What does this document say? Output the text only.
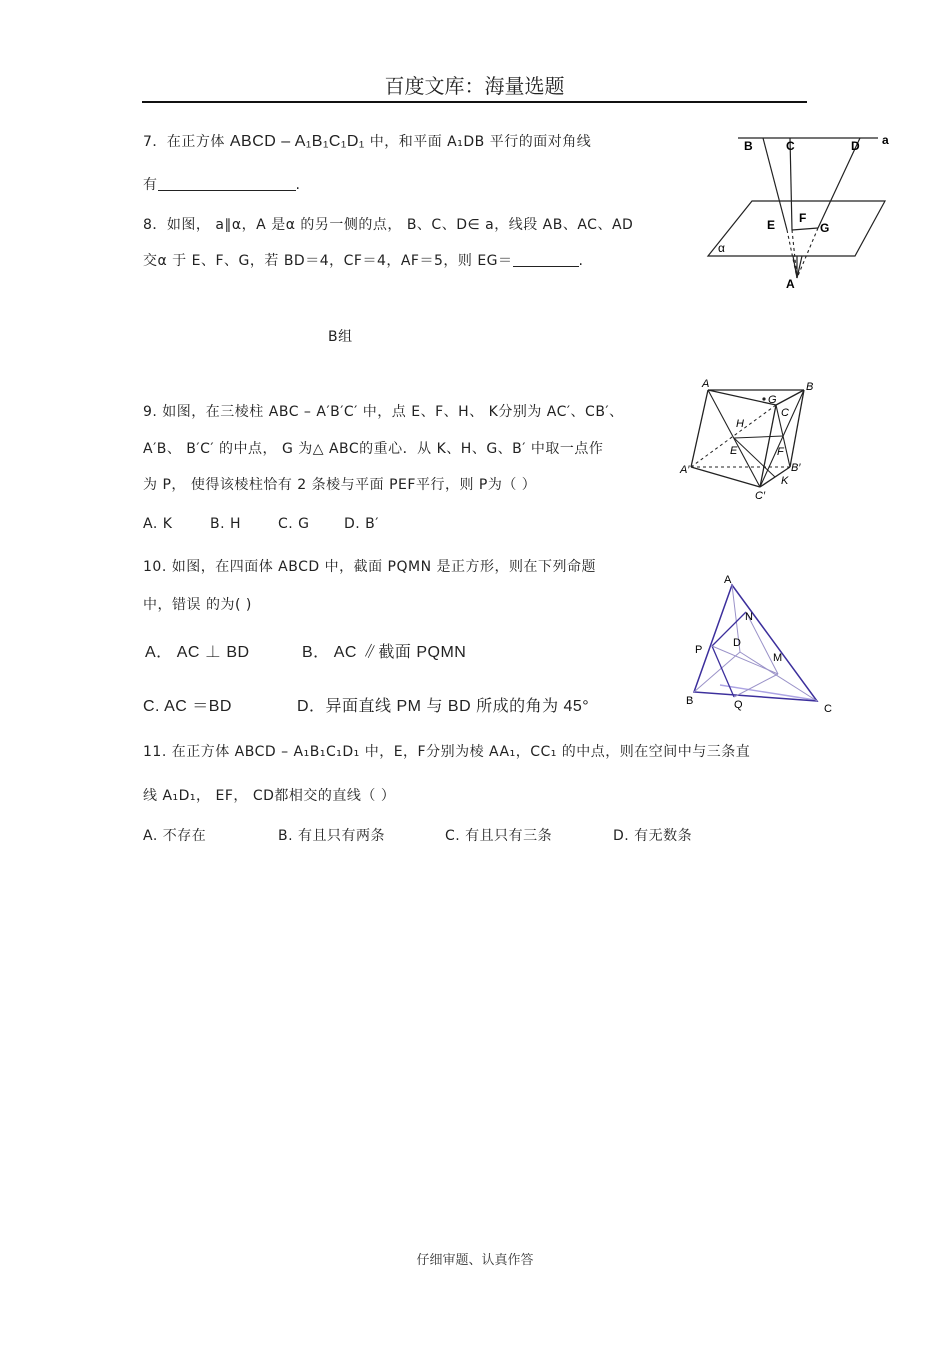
百度文库：海量选题
7．在正方体 ABCD – A₁B₁C₁D₁ 中，和平面 A₁DB 平行的面对角线
有	.
8．如图， a∥α，A 是α 的另一侧的点， B、C、D∈ a，线段 AB、AC、AD
交α 于 E、F、G，若 BD＝4，CF＝4，AF＝5，则 EG＝	.
B	C	D a
E F
G
α
A
B组
9. 如图，在三棱柱 ABC – A′B′C′ 中，点 E、F、H、 K分别为 AC′、CB′、
A′B、 B′C′ 的中点， G 为△ ABC的重心．从 K、H、G、B′ 中取一点作
为 P， 使得该棱柱恰有 2 条棱与平面 PEF平行，则 P为（ ）
A. K	B. H	C. G D. B′
A	B
G
C
H
E	F
A′	B′
K
C′
10. 如图，在四面体 ABCD 中，截面 PQMN 是正方形，则在下列命题
中，错误 的为( )
A． AC ⊥ BD	B． AC ∥截面 PQMN
C. AC ＝BD	D．异面直线 PM 与 BD 所成的角为 45°
A
N
D
P
M
B	Q	C
11. 在正方体 ABCD – A₁B₁C₁D₁ 中，E，F分别为棱 AA₁，CC₁ 的中点，则在空间中与三条直
线 A₁D₁， EF， CD都相交的直线（ ）
A. 不存在	B. 有且只有两条	C. 有且只有三条	D. 有无数条
仔细审题、认真作答
